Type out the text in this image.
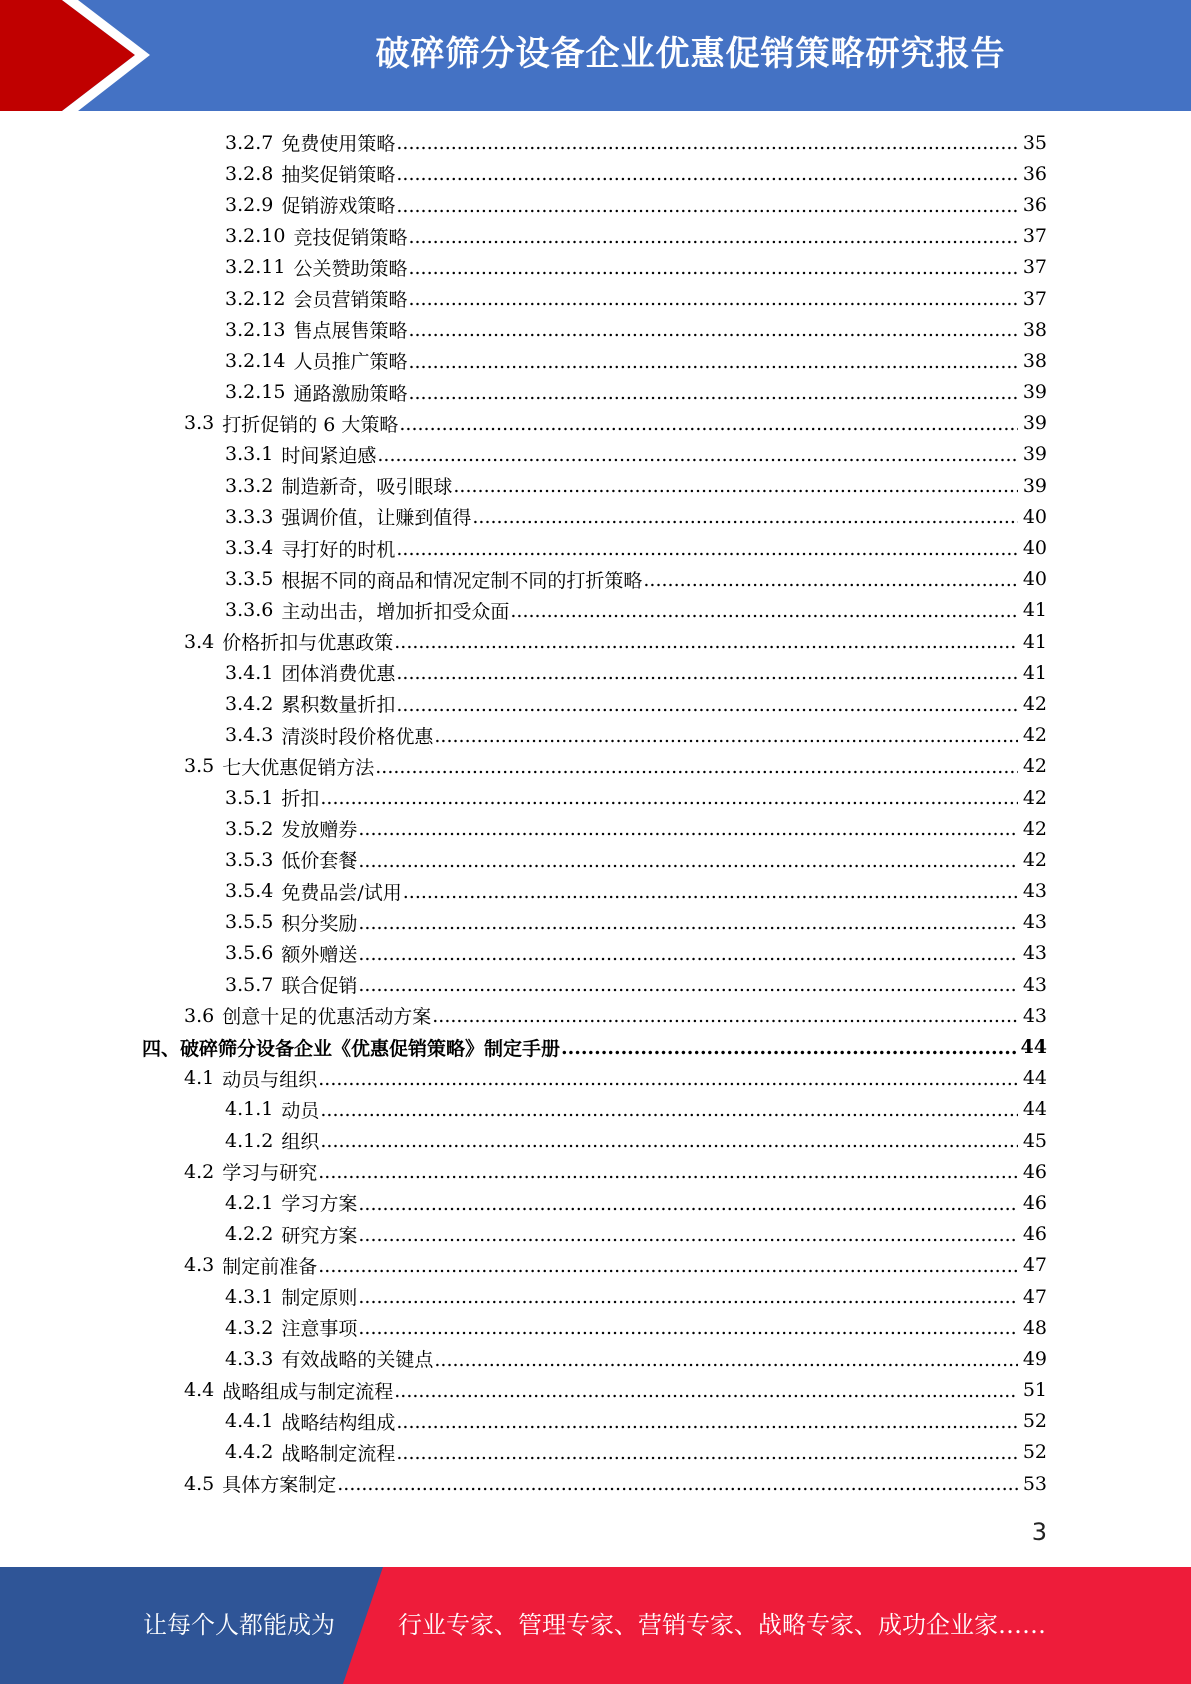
破碎筛分设备企业优惠促销策略研究报告
3.2.7 免费使用策略 .....	35
3.2.8 抽奖促销策略 .....	36
3.2.9 促销游戏策略 .....	36
3.2.10 竞技促销策略 .....	37
3.2.11 公关赞助策略 .....	37
3.2.12 会员营销策略 .....	37
3.2.13 售点展售策略 .....	38
3.2.14 人员推广策略 .....	38
3.2.15 通路激励策略 .....	39
3.3 打折促销的 6 大策略 .....	39
3.3.1 时间紧迫感 .....	39
3.3.2 制造新奇，吸引眼球 .....	39
3.3.3 强调价值，让赚到值得 .....	40
3.3.4 寻打好的时机 .....	40
3.3.5 根据不同的商品和情况定制不同的打折策略 .....	40
3.3.6 主动出击，增加折扣受众面 .....	41
3.4 价格折扣与优惠政策 .....	41
3.4.1 团体消费优惠 .....	41
3.4.2 累积数量折扣 .....	42
3.4.3 清淡时段价格优惠 .....	42
3.5 七大优惠促销方法 .....	42
3.5.1 折扣 .....	42
3.5.2 发放赠券 .....	42
3.5.3 低价套餐 .....	42
3.5.4 免费品尝/试用 .....	43
3.5.5 积分奖励 .....	43
3.5.6 额外赠送 .....	43
3.5.7 联合促销 .....	43
3.6 创意十足的优惠活动方案 .....	43
四、 破碎筛分设备企业《优惠促销策略》制定手册 .....	44
4.1 动员与组织 .....	44
4.1.1 动员 .....	44
4.1.2 组织 .....	45
4.2 学习与研究 .....	46
4.2.1 学习方案 .....	46
4.2.2 研究方案 .....	46
4.3 制定前准备 .....	47
4.3.1 制定原则 .....	47
4.3.2 注意事项 .....	48
4.3.3 有效战略的关键点 .....	49
4.4 战略组成与制定流程 .....	51
4.4.1 战略结构组成 .....	52
4.4.2 战略制定流程 .....	52
4.5 具体方案制定 .....	53
3
让每个人都能成为	行业专家、管理专家、营销专家、战略专家、成功企业家……
